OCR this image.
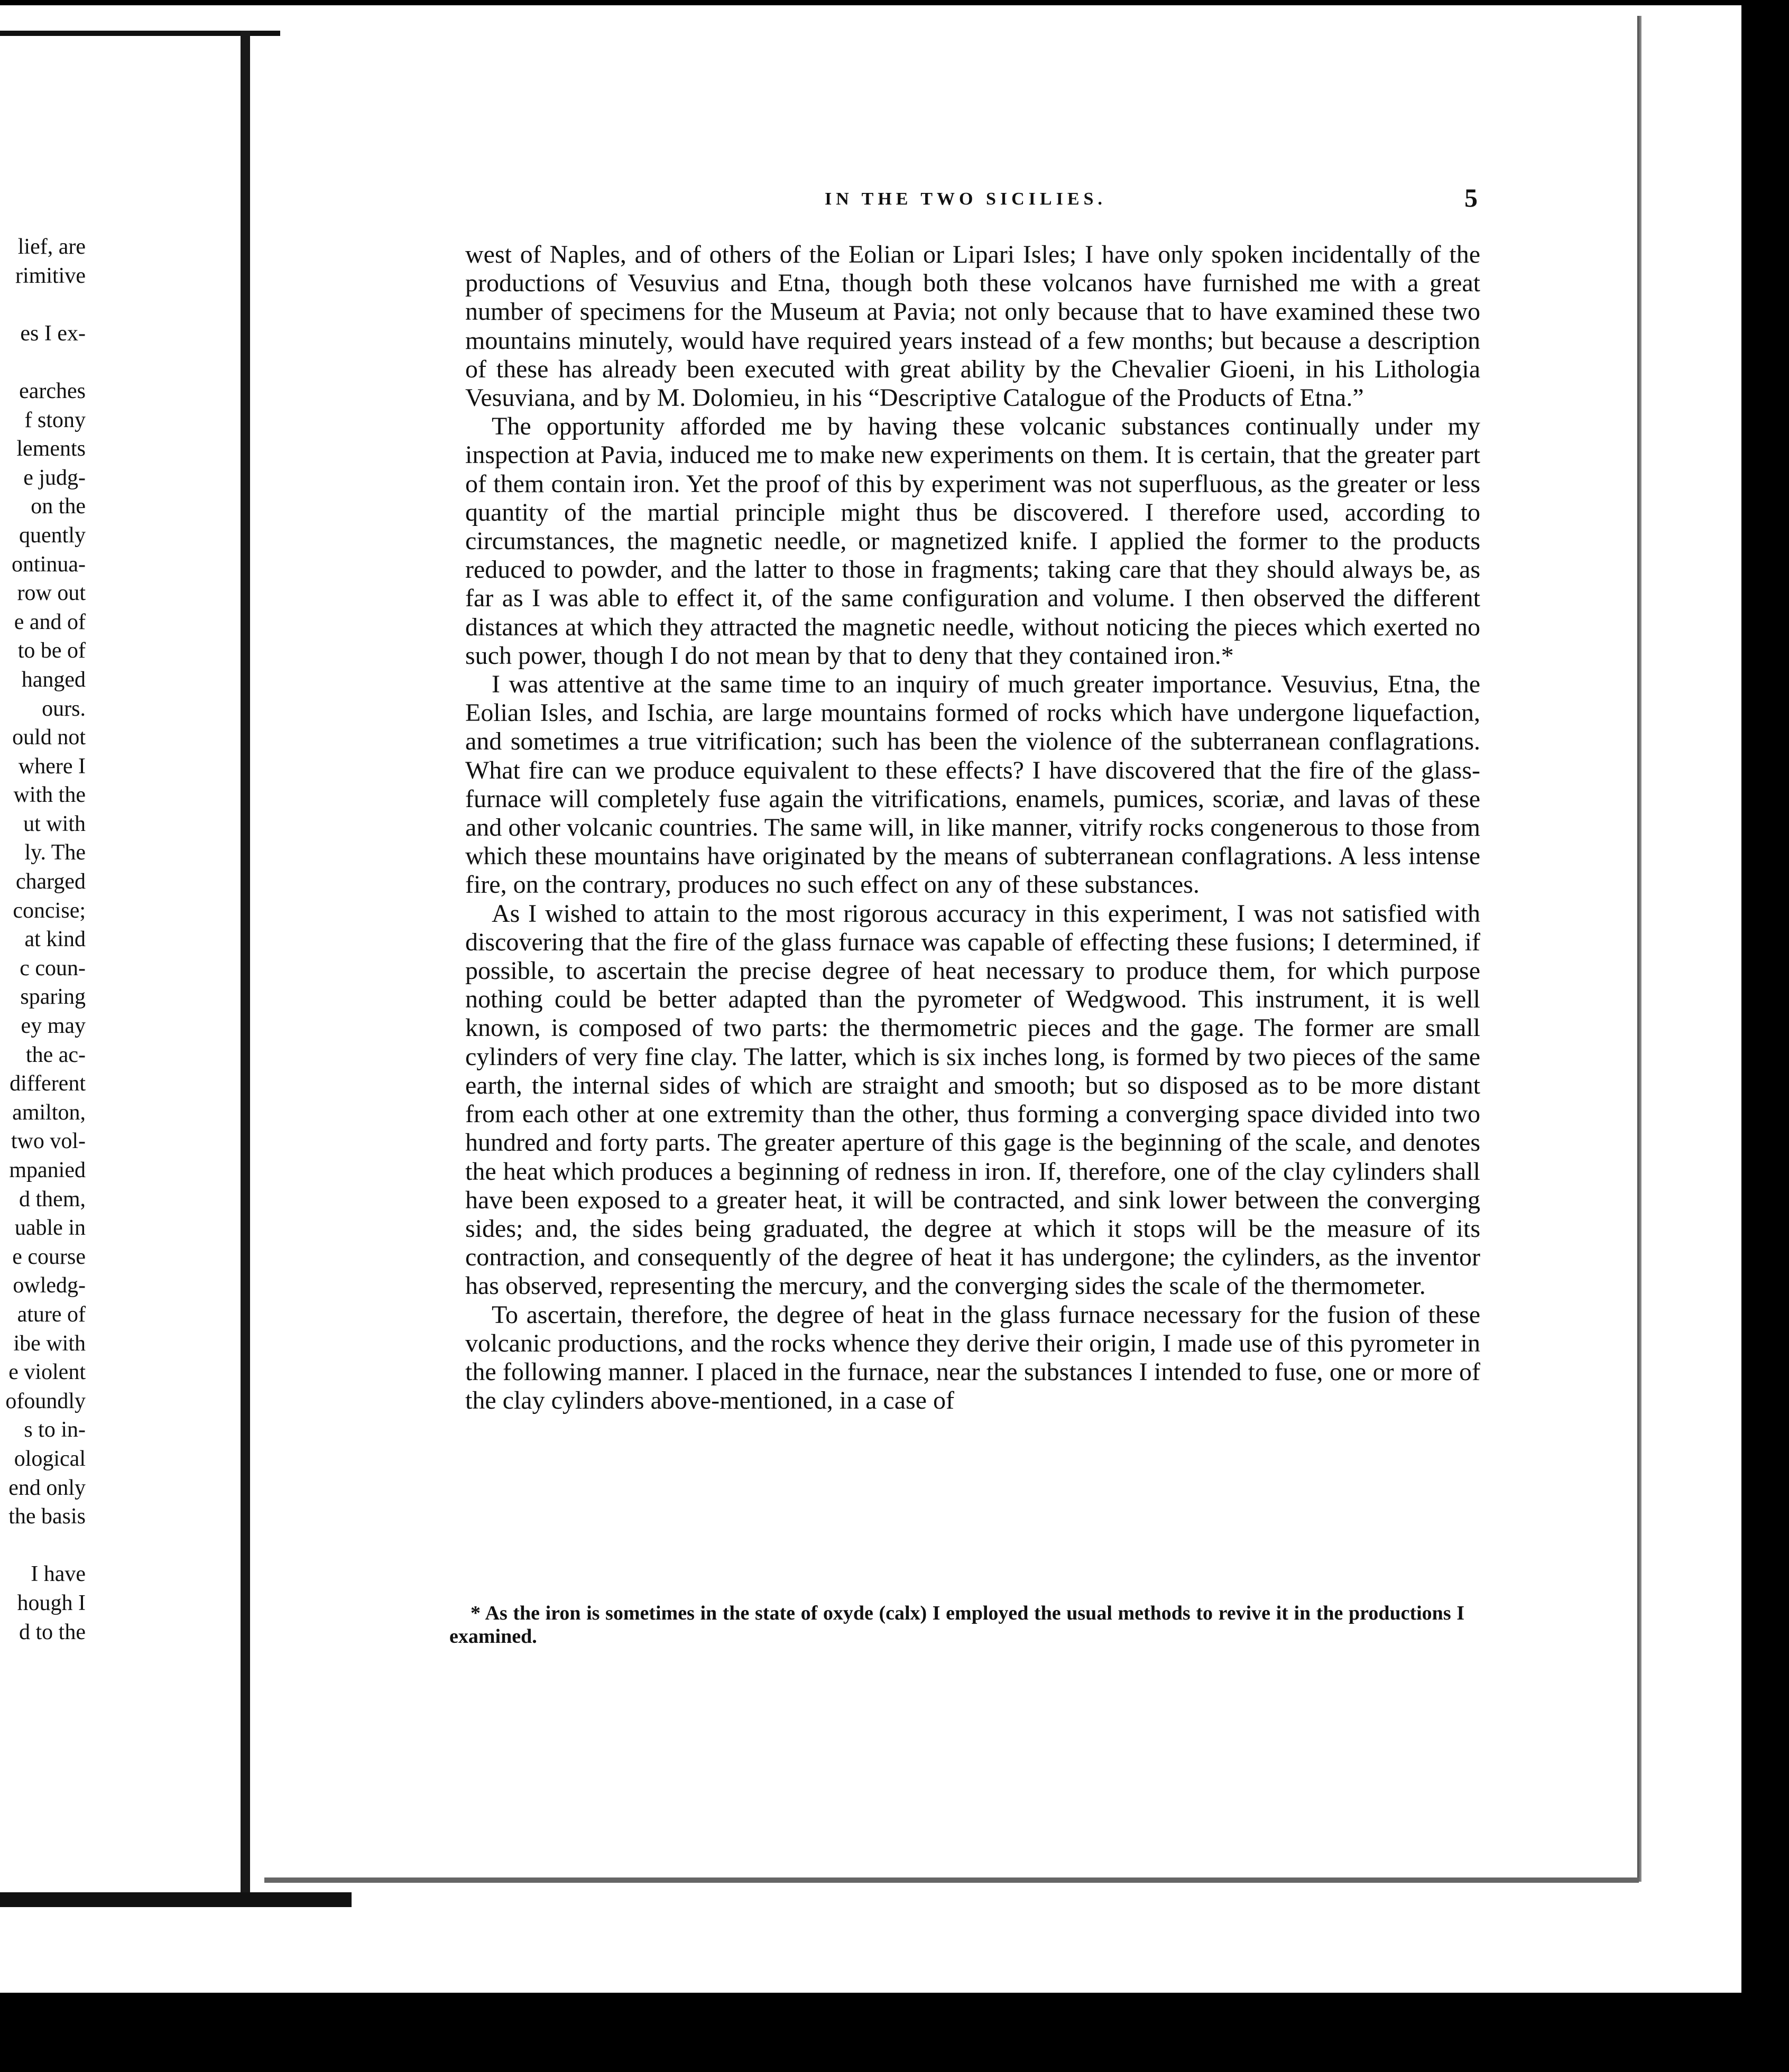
lief, are
rimitive
es I ex-
earches
f stony
lements
e judg-
on the
quently
ontinua-
row out
e and of
to be of
hanged
ours.
ould not
where I
with the
ut with
ly. The
charged
concise;
at kind
c coun-
sparing
ey may
the ac-
different
amilton,
two vol-
mpanied
d them,
uable in
e course
owledg-
ature of
ibe with
e violent
ofoundly
s to in-
ological
end only
the basis
I have
hough I
d to the
IN THE TWO SICILIES.	5

west of Naples, and of others of the Eolian or Lipari Isles; I have only spoken incidentally of the productions of Vesuvius and Etna, though both these volcanos have furnished me with a great number of specimens for the Museum at Pavia; not only because that to have examined these two mountains minutely, would have required years instead of a few months; but because a description of these has already been executed with great ability by the Chevalier Gioeni, in his Lithologia Vesuviana, and by M. Dolomieu, in his “Descriptive Catalogue of the Products of Etna.”

The opportunity afforded me by having these volcanic substances continually under my inspection at Pavia, induced me to make new experiments on them. It is certain, that the greater part of them contain iron. Yet the proof of this by experiment was not superfluous, as the greater or less quantity of the martial principle might thus be discovered. I therefore used, according to circumstances, the magnetic needle, or magnetized knife. I applied the former to the products reduced to powder, and the latter to those in fragments; taking care that they should always be, as far as I was able to effect it, of the same configuration and volume. I then observed the different distances at which they attracted the magnetic needle, without noticing the pieces which exerted no such power, though I do not mean by that to deny that they contained iron.*

I was attentive at the same time to an inquiry of much greater importance. Vesuvius, Etna, the Eolian Isles, and Ischia, are large mountains formed of rocks which have undergone liquefaction, and sometimes a true vitrification; such has been the violence of the subterranean conflagrations. What fire can we produce equivalent to these effects? I have discovered that the fire of the glass-furnace will completely fuse again the vitrifications, enamels, pumices, scoriæ, and lavas of these and other volcanic countries. The same will, in like manner, vitrify rocks congenerous to those from which these mountains have originated by the means of subterranean conflagrations. A less intense fire, on the contrary, produces no such effect on any of these substances.

As I wished to attain to the most rigorous accuracy in this experiment, I was not satisfied with discovering that the fire of the glass furnace was capable of effecting these fusions; I determined, if possible, to ascertain the precise degree of heat necessary to produce them, for which purpose nothing could be better adapted than the pyrometer of Wedgwood. This instrument, it is well known, is composed of two parts: the thermometric pieces and the gage. The former are small cylinders of very fine clay. The latter, which is six inches long, is formed by two pieces of the same earth, the internal sides of which are straight and smooth; but so disposed as to be more distant from each other at one extremity than the other, thus forming a converging space divided into two hundred and forty parts. The greater aperture of this gage is the beginning of the scale, and denotes the heat which produces a beginning of redness in iron. If, therefore, one of the clay cylinders shall have been exposed to a greater heat, it will be contracted, and sink lower between the converging sides; and, the sides being graduated, the degree at which it stops will be the measure of its contraction, and consequently of the degree of heat it has undergone; the cylinders, as the inventor has observed, representing the mercury, and the converging sides the scale of the thermometer.

To ascertain, therefore, the degree of heat in the glass furnace necessary for the fusion of these volcanic productions, and the rocks whence they derive their origin, I made use of this pyrometer in the following manner. I placed in the furnace, near the substances I intended to fuse, one or more of the clay cylinders above-mentioned, in a case of

* As the iron is sometimes in the state of oxyde (calx) I employed the usual methods to revive it in the productions I examined.
